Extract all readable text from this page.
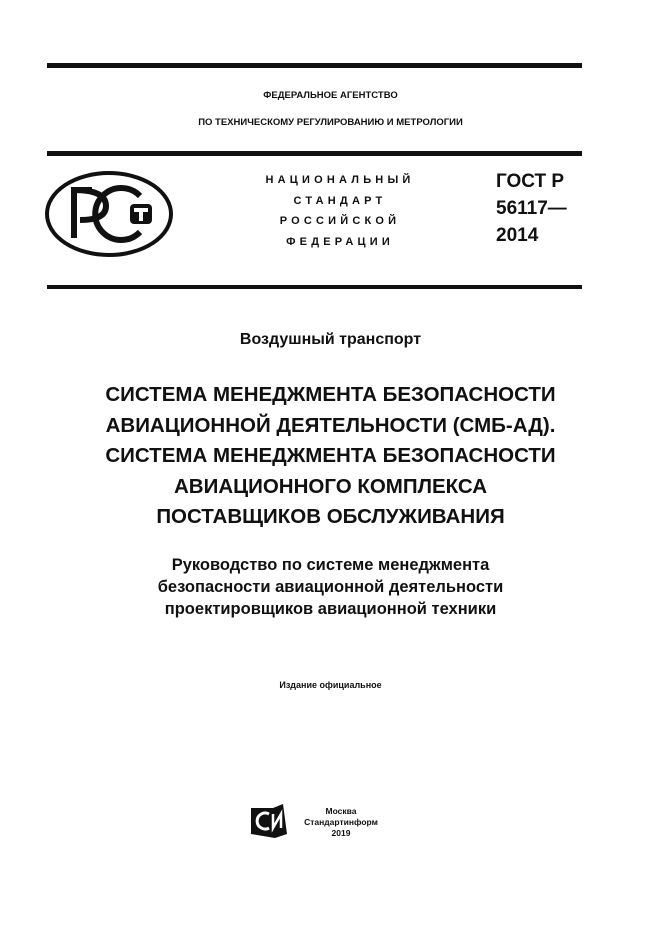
ФЕДЕРАЛЬНОЕ АГЕНТСТВО
ПО ТЕХНИЧЕСКОМУ РЕГУЛИРОВАНИЮ И МЕТРОЛОГИИ
НАЦИОНАЛЬНЫЙ
СТАНДАРТ
РОССИЙСКОЙ
ФЕДЕРАЦИИ
ГОСТ Р
56117—
2014
Воздушный транспорт
СИСТЕМА МЕНЕДЖМЕНТА БЕЗОПАСНОСТИ
АВИАЦИОННОЙ ДЕЯТЕЛЬНОСТИ (СМБ-АД).
СИСТЕМА МЕНЕДЖМЕНТА БЕЗОПАСНОСТИ
АВИАЦИОННОГО КОМПЛЕКСА
ПОСТАВЩИКОВ ОБСЛУЖИВАНИЯ
Руководство по системе менеджмента
безопасности авиационной деятельности
проектировщиков авиационной техники
Издание официальное
Москва
Стандартинформ
2019
